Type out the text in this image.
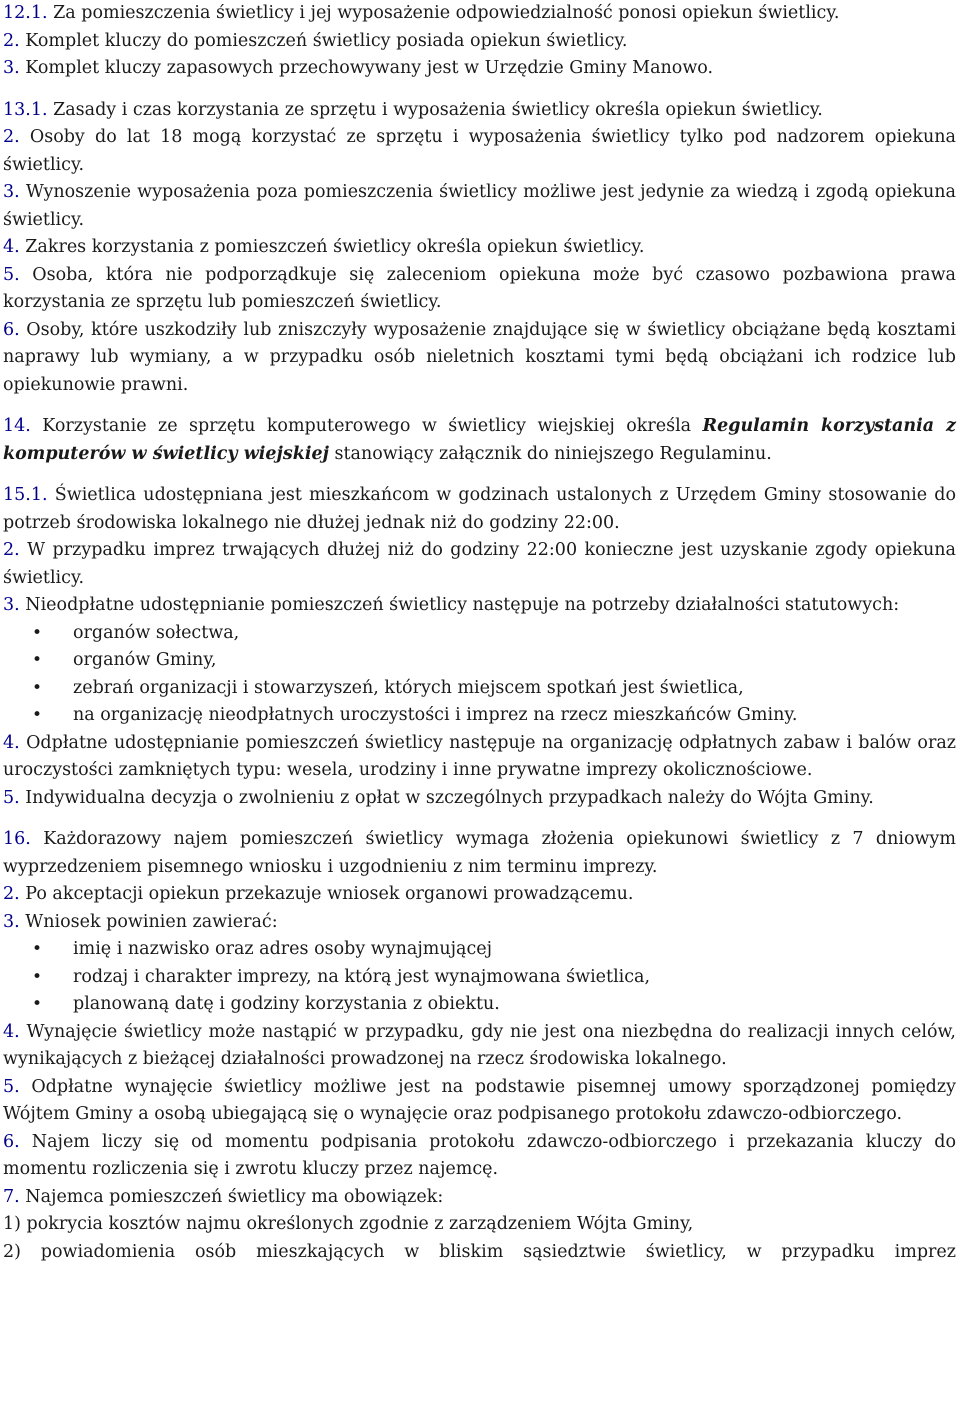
12.1. Za pomieszczenia świetlicy i jej wyposażenie odpowiedzialność ponosi opiekun świetlicy.

2. Komplet kluczy do pomieszczeń świetlicy posiada opiekun świetlicy.

3. Komplet kluczy zapasowych przechowywany jest w Urzędzie Gminy Manowo.

13.1. Zasady i czas korzystania ze sprzętu i wyposażenia świetlicy określa opiekun świetlicy.

2. Osoby do lat 18 mogą korzystać ze sprzętu i wyposażenia świetlicy tylko pod nadzorem opiekuna świetlicy.

3. Wynoszenie wyposażenia poza pomieszczenia świetlicy możliwe jest jedynie za wiedzą i zgodą opiekuna świetlicy.

4. Zakres korzystania z pomieszczeń świetlicy określa opiekun świetlicy.

5. Osoba, która nie podporządkuje się zaleceniom opiekuna może być czasowo pozbawiona prawa korzystania ze sprzętu lub pomieszczeń świetlicy.

6. Osoby, które uszkodziły lub zniszczyły wyposażenie znajdujące się w świetlicy obciążane będą kosztami naprawy lub wymiany, a w przypadku osób nieletnich kosztami tymi będą obciążani ich rodzice lub opiekunowie prawni.

14. Korzystanie ze sprzętu komputerowego w świetlicy wiejskiej określa Regulamin korzystania z komputerów w świetlicy wiejskiej stanowiący załącznik do niniejszego Regulaminu.

15.1. Świetlica udostępniana jest mieszkańcom w godzinach ustalonych z Urzędem Gminy stosowanie do potrzeb środowiska lokalnego nie dłużej jednak niż do godziny 22:00.

2. W przypadku imprez trwających dłużej niż do godziny 22:00 konieczne jest uzyskanie zgody opiekuna świetlicy.

3. Nieodpłatne udostępnianie pomieszczeń świetlicy następuje na potrzeby działalności statutowych:

• organów sołectwa,
• organów Gminy,
• zebrań organizacji i stowarzyszeń, których miejscem spotkań jest świetlica,
• na organizację nieodpłatnych uroczystości i imprez na rzecz mieszkańców Gminy.

4. Odpłatne udostępnianie pomieszczeń świetlicy następuje na organizację odpłatnych zabaw i balów oraz uroczystości zamkniętych typu: wesela, urodziny i inne prywatne imprezy okolicznościowe.

5. Indywidualna decyzja o zwolnieniu z opłat w szczególnych przypadkach należy do Wójta Gminy.

16. Każdorazowy najem pomieszczeń świetlicy wymaga złożenia opiekunowi świetlicy z 7 dniowym wyprzedzeniem pisemnego wniosku i uzgodnieniu z nim terminu imprezy.

2. Po akceptacji opiekun przekazuje wniosek organowi prowadzącemu.

3. Wniosek powinien zawierać:

• imię i nazwisko oraz adres osoby wynajmującej
• rodzaj i charakter imprezy, na którą jest wynajmowana świetlica,
• planowaną datę i godziny korzystania z obiektu.

4. Wynajęcie świetlicy może nastąpić w przypadku, gdy nie jest ona niezbędna do realizacji innych celów, wynikających z bieżącej działalności prowadzonej na rzecz środowiska lokalnego.

5. Odpłatne wynajęcie świetlicy możliwe jest na podstawie pisemnej umowy sporządzonej pomiędzy Wójtem Gminy a osobą ubiegającą się o wynajęcie oraz podpisanego protokołu zdawczo-odbiorczego.

6. Najem liczy się od momentu podpisania protokołu zdawczo-odbiorczego i przekazania kluczy do momentu rozliczenia się i zwrotu kluczy przez najemcę.

7. Najemca pomieszczeń świetlicy ma obowiązek:

1) pokrycia kosztów najmu określonych zgodnie z zarządzeniem Wójta Gminy,

2) powiadomienia osób mieszkających w bliskim sąsiedztwie świetlicy, w przypadku imprez
